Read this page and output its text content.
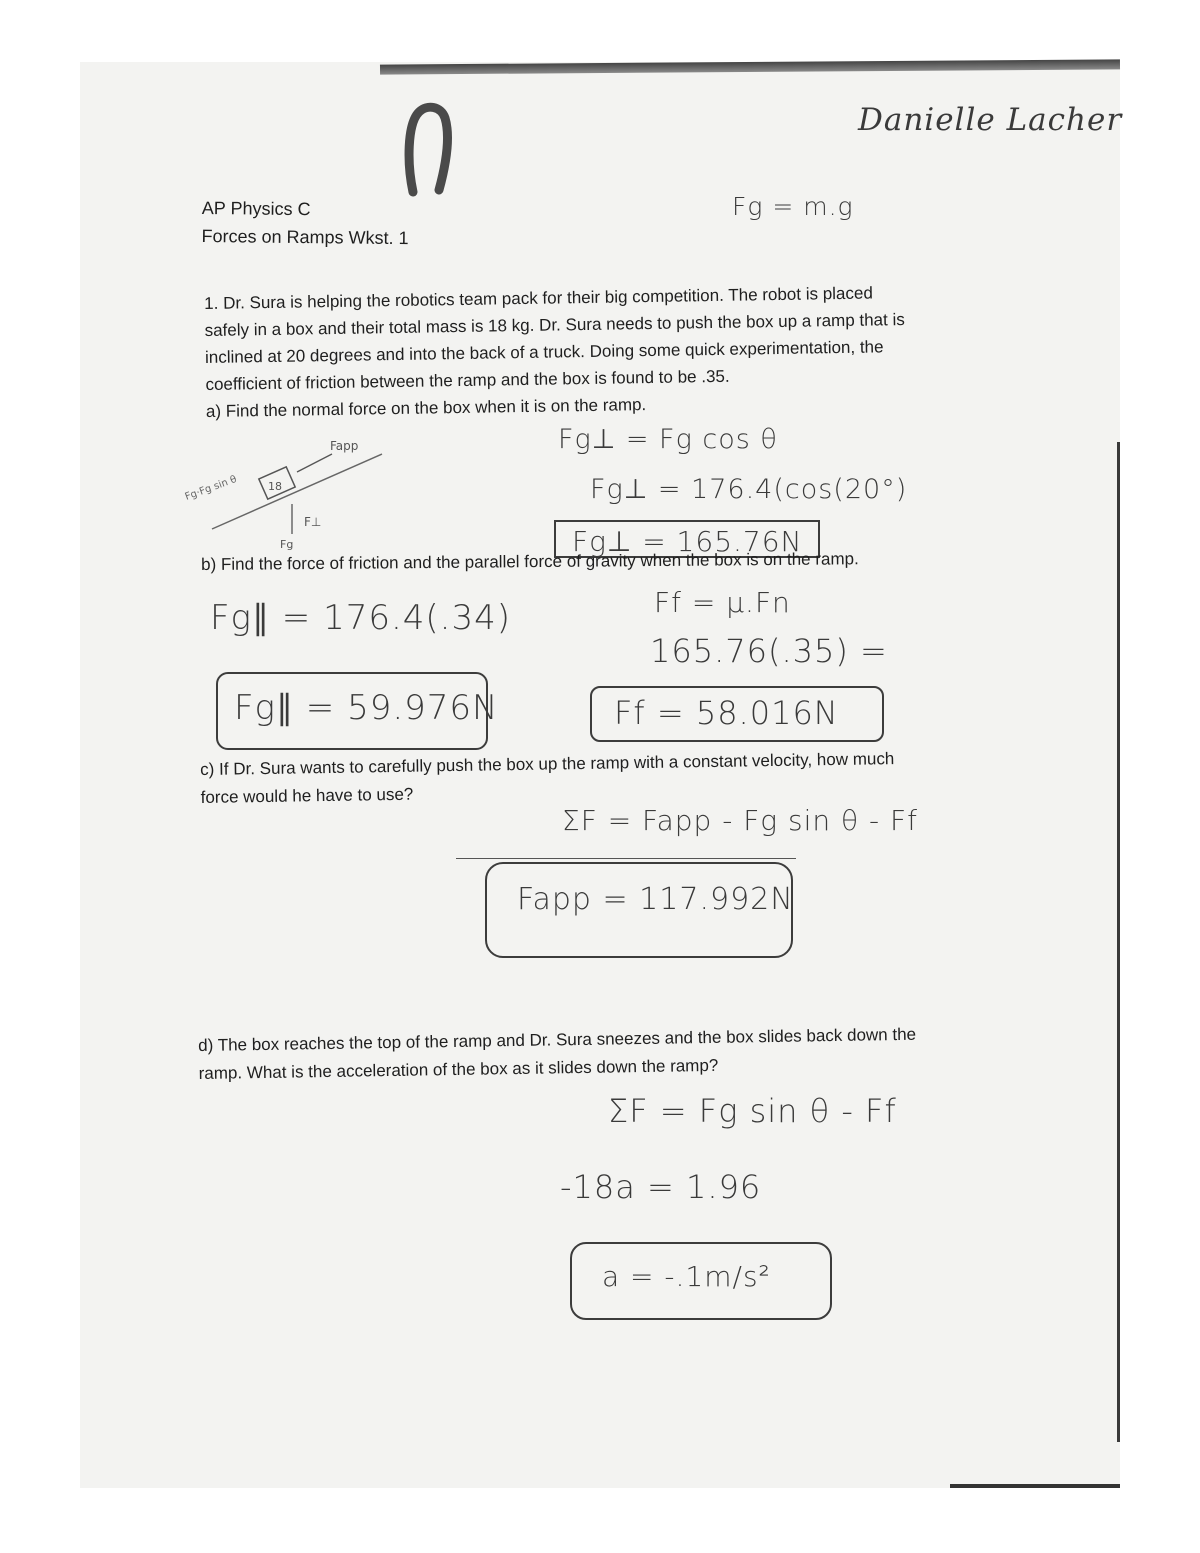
Danielle Lacher
Fg = m.g

AP Physics C

Forces on Ramps Wkst. 1

1. Dr. Sura is helping the robotics team pack for their big competition. The robot is placed

safely in a box and their total mass is 18 kg. Dr. Sura needs to push the box up a ramp that is

inclined at 20 degrees and into the back of a truck. Doing some quick experimentation, the

coefficient of friction between the ramp and the box is found to be .35.

a) Find the normal force on the box when it is on the ramp.

18
Fapp
F⊥
Fg
Fg·Fg sin θ
Fg⊥ = Fg cos θ
Fg⊥ = 176.4(cos(20°)
Fg⊥ = 165.76N

b) Find the force of friction and the parallel force of gravity when the box is on the ramp.

Fg∥ = 176.4(.34)	Ff = μ.Fn
165.76(.35) =
Fg∥ = 59.976N	Ff = 58.016N

c) If Dr. Sura wants to carefully push the box up the ramp with a constant velocity, how much

force would he have to use?

ΣF = Fapp - Fg sin θ - Ff
Fapp = 117.992N

d) The box reaches the top of the ramp and Dr. Sura sneezes and the box slides back down the

ramp. What is the acceleration of the box as it slides down the ramp?

ΣF = Fg sin θ - Ff
-18a = 1.96
a = -.1m/s²
